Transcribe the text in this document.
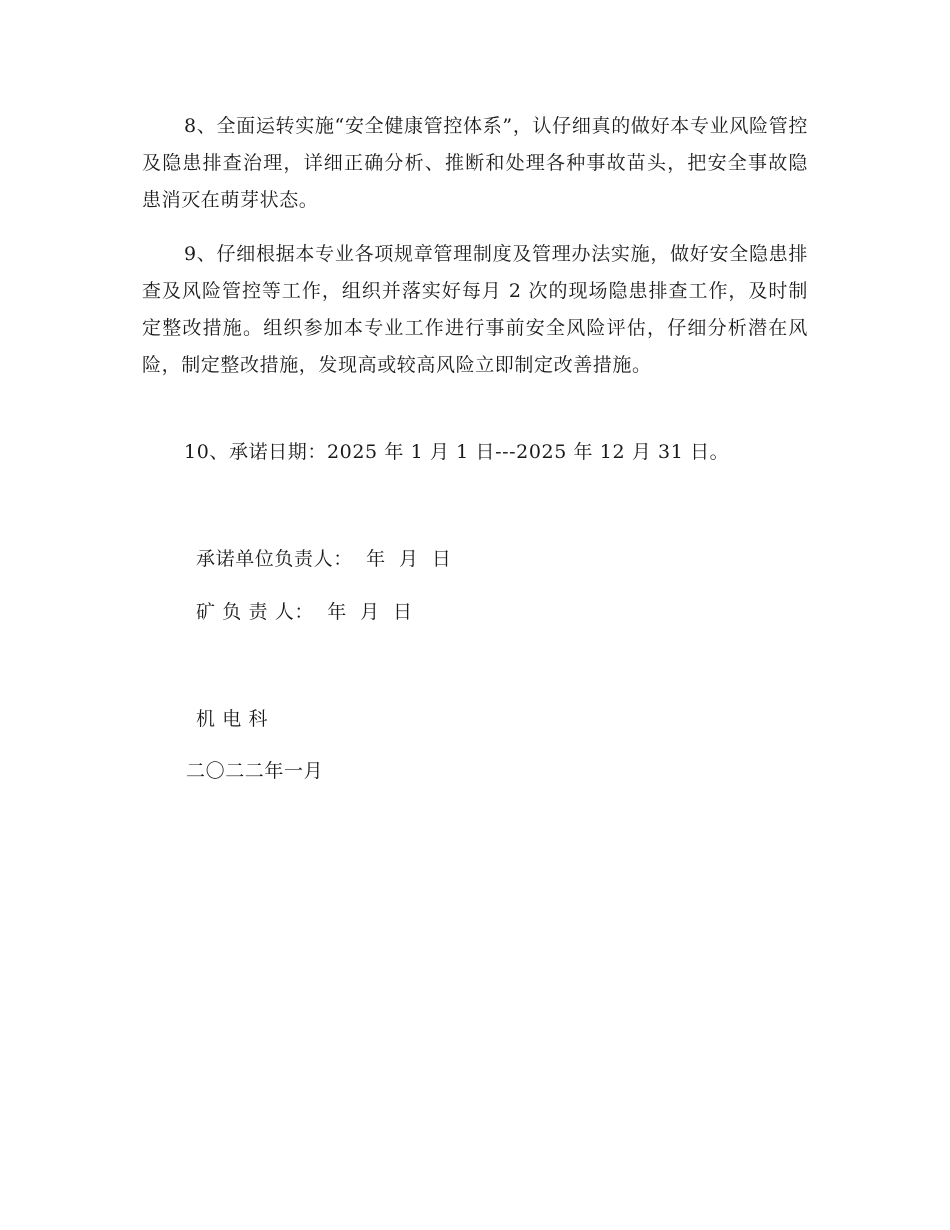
8、全面运转实施“安全健康管控体系”，认仔细真的做好本专业风险管控及隐患排查治理，详细正确分析、推断和处理各种事故苗头，把安全事故隐患消灭在萌芽状态。

9、仔细根据本专业各项规章管理制度及管理办法实施，做好安全隐患排查及风险管控等工作，组织并落实好每月 2 次的现场隐患排查工作，及时制定整改措施。组织参加本专业工作进行事前安全风险评估，仔细分析潜在风险，制定整改措施，发现高或较高风险立即制定改善措施。

10、承诺日期：2025 年 1 月 1 日---2025 年 12 月 31 日。

承诺单位负责人：  年  月  日
矿 负 责 人：  年  月  日
机 电 科
二〇二二年一月
